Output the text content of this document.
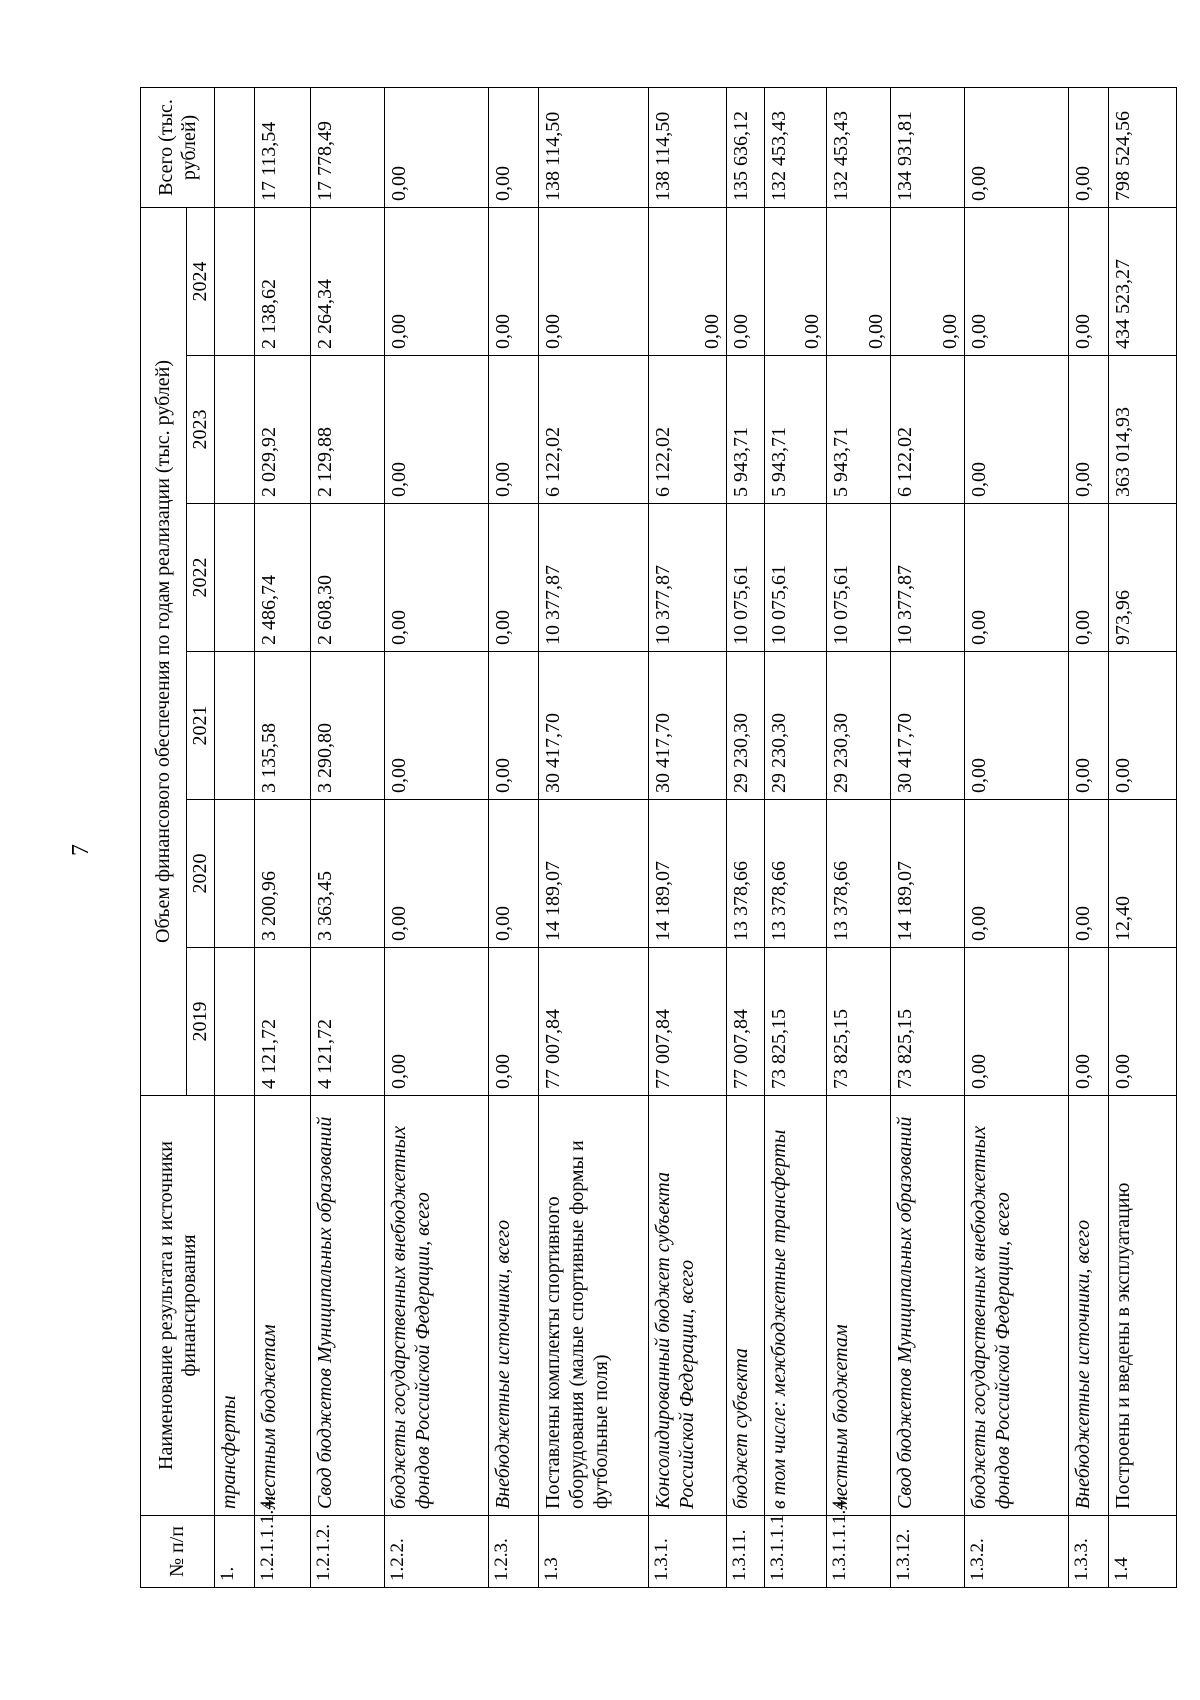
7
№ п/п	Наименование результата и источники финансирования	Объем финансового обеспечения по годам реализации (тыс. рублей)						Всего (тыс. рублей)
		2019	2020	2021	2022	2023	2024	
1.	трансферты							
1.2.1.1.1.4.	местным бюджетам	4 121,72	3 200,96	3 135,58	2 486,74	2 029,92	2 138,62	17 113,54
1.2.1.2.	Свод бюджетов Муниципальных образований	4 121,72	3 363,45	3 290,80	2 608,30	2 129,88	2 264,34	17 778,49
1.2.2.	бюджеты государственных внебюджетных фондов Российской Федерации, всего	0,00	0,00	0,00	0,00	0,00	0,00	0,00
1.2.3.	Внебюджетные источники, всего	0,00	0,00	0,00	0,00	0,00	0,00	0,00
1.3	Поставлены комплекты спортивного оборудования (малые спортивные формы и футбольные поля)	77 007,84	14 189,07	30 417,70	10 377,87	6 122,02	0,00	138 114,50
1.3.1.	Консолидированный бюджет субъекта Российской Федерации, всего	77 007,84	14 189,07	30 417,70	10 377,87	6 122,02	0,00	138 114,50
1.3.11.	бюджет субъекта	77 007,84	13 378,66	29 230,30	10 075,61	5 943,71	0,00	135 636,12
1.3.1.1.1	в том числе: межбюджетные трансферты	73 825,15	13 378,66	29 230,30	10 075,61	5 943,71	0,00	132 453,43
1.3.1.1.1.4.	местным бюджетам	73 825,15	13 378,66	29 230,30	10 075,61	5 943,71	0,00	132 453,43
1.3.12.	Свод бюджетов Муниципальных образований	73 825,15	14 189,07	30 417,70	10 377,87	6 122,02	0,00	134 931,81
1.3.2.	бюджеты государственных внебюджетных фондов Российской Федерации, всего	0,00	0,00	0,00	0,00	0,00	0,00	0,00
1.3.3.	Внебюджетные источники, всего	0,00	0,00	0,00	0,00	0,00	0,00	0,00
1.4	Построены и введены в эксплуатацию	0,00	12,40	0,00	973,96	363 014,93	434 523,27	798 524,56
